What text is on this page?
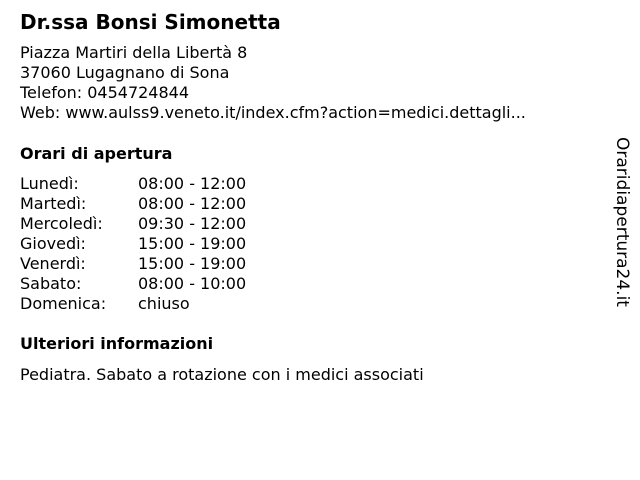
Dr.ssa Bonsi Simonetta
Piazza Martiri della Libertà 8
37060 Lugagnano di Sona
Telefon: 0454724844
Web: www.aulss9.veneto.it/index.cfm?action=medici.dettagli...
Orari di apertura
Lunedì:	08:00 - 12:00
Martedì:	08:00 - 12:00
Mercoledì: 09:30 - 12:00
Giovedì:	15:00 - 19:00
Venerdì:	15:00 - 19:00
Sabato:	08:00 - 10:00
Domenica: chiuso
Ulteriori informazioni
Pediatra. Sabato a rotazione con i medici associati
Oraridiapertura24.it
